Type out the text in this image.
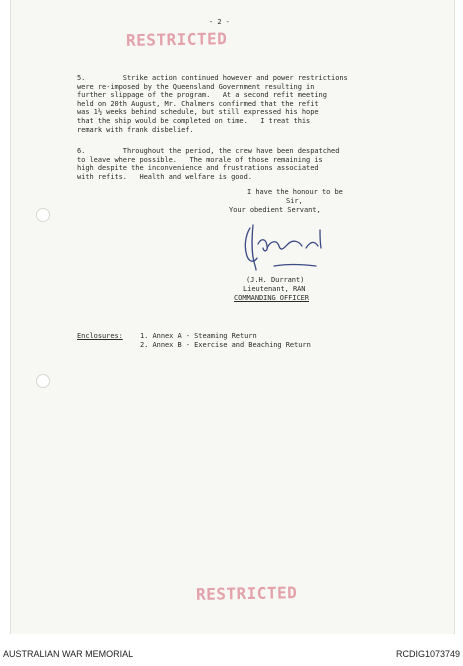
- 2 -
RESTRICTED
5.         Strike action continued however and power restrictions
were re-imposed by the Queensland Government resulting in
further slippage of the program.   At a second refit meeting
held on 20th August, Mr. Chalmers confirmed that the refit
was 1½ weeks behind schedule, but still expressed his hope
that the ship would be completed on time.   I treat this
remark with frank disbelief.
6.         Throughout the period, the crew have been despatched
to leave where possible.   The morale of those remaining is
high despite the inconvenience and frustrations associated
with refits.   Health and welfare is good.
I have the honour to be
Sir,
Your obedient Servant,
(J.H. Durrant)
Lieutenant, RAN
COMMANDING OFFICER
Enclosures: 1. Annex A - Steaming Return
2. Annex B - Exercise and Beaching Return
RESTRICTED
AUSTRALIAN WAR MEMORIAL	RCDIG1073749
